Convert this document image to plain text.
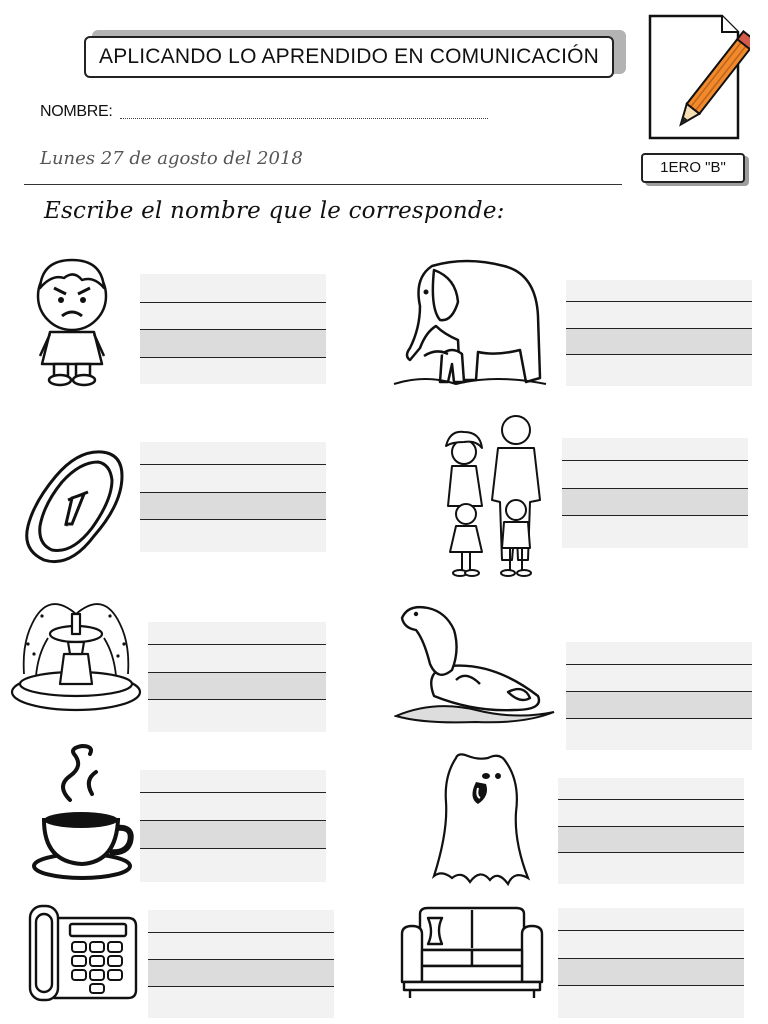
APLICANDO LO APRENDIDO EN COMUNICACIÓN
NOMBRE:
Lunes 27 de agosto del 2018	1ERO "B"
Escribe el nombre que le corresponde:
